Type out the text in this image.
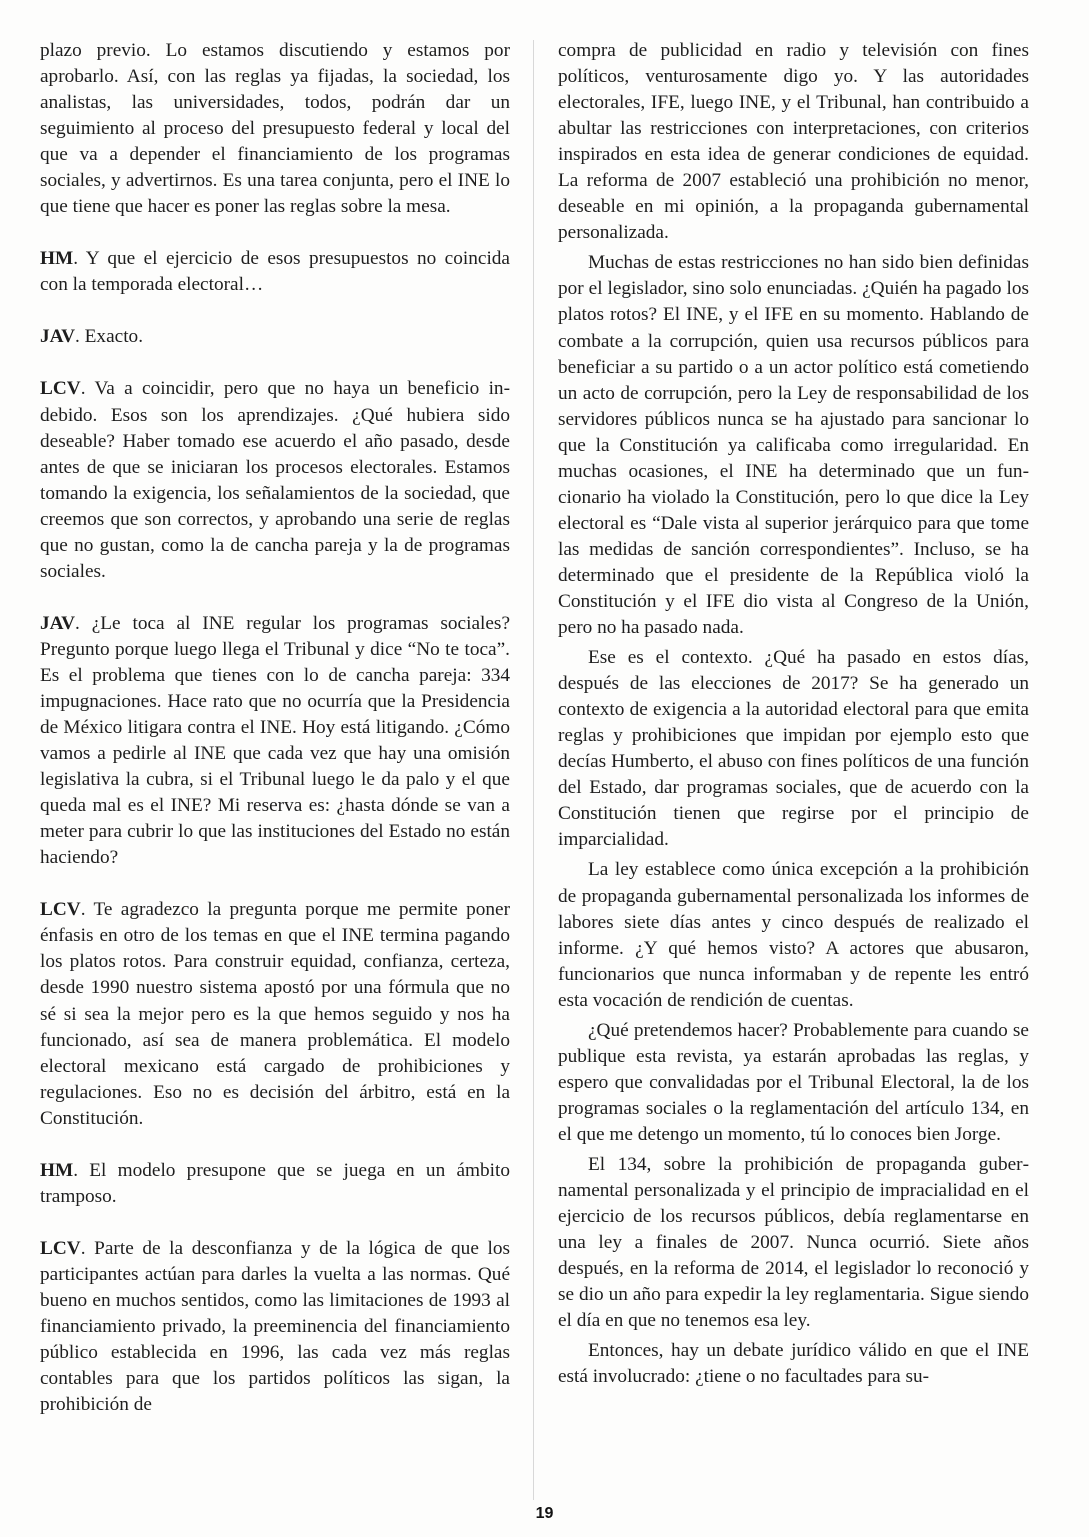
plazo previo. Lo estamos discutiendo y estamos por aprobarlo. Así, con las reglas ya fijadas, la sociedad, los analistas, las universidades, todos, podrán dar un seguimiento al proceso del presupuesto federal y local del que va a depender el financiamiento de los programas sociales, y advertirnos. Es una tarea conjunta, pero el INE lo que tiene que hacer es poner las reglas sobre la mesa.

HM. Y que el ejercicio de esos presupuestos no coincida con la temporada electoral…

JAV. Exacto.

LCV. Va a coincidir, pero que no haya un beneficio indebido. Esos son los aprendizajes. ¿Qué hubiera sido deseable? Haber tomado ese acuerdo el año pasado, desde antes de que se iniciaran los procesos electorales. Estamos tomando la exigencia, los señalamientos de la sociedad, que creemos que son correctos, y aprobando una serie de reglas que no gustan, como la de cancha pareja y la de programas sociales.

JAV. ¿Le toca al INE regular los programas sociales? Pregunto porque luego llega el Tribunal y dice “No te toca”. Es el problema que tienes con lo de cancha pareja: 334 impugnaciones. Hace rato que no ocurría que la Presidencia de México litigara contra el INE. Hoy está litigando. ¿Cómo vamos a pedirle al INE que cada vez que hay una omisión legislativa la cubra, si el Tribunal luego le da palo y el que queda mal es el INE? Mi reserva es: ¿hasta dónde se van a meter para cubrir lo que las instituciones del Estado no están haciendo?

LCV. Te agradezco la pregunta porque me permite poner énfasis en otro de los temas en que el INE termina pagando los platos rotos. Para construir equidad, confianza, certeza, desde 1990 nuestro sistema apostó por una fórmula que no sé si sea la mejor pero es la que hemos seguido y nos ha funcionado, así sea de manera problemática. El modelo electoral mexicano está cargado de prohibiciones y regulaciones. Eso no es decisión del árbitro, está en la Constitución.

HM. El modelo presupone que se juega en un ámbito tramposo.

LCV. Parte de la desconfianza y de la lógica de que los participantes actúan para darles la vuelta a las normas. Qué bueno en muchos sentidos, como las limitaciones de 1993 al financiamiento privado, la preeminencia del financiamiento público establecida en 1996, las cada vez más reglas contables para que los partidos políticos las sigan, la prohibición de

compra de publicidad en radio y televisión con fines políticos, venturosamente digo yo. Y las autoridades electorales, IFE, luego INE, y el Tribunal, han contribuido a abultar las restricciones con interpretaciones, con criterios inspirados en esta idea de generar condiciones de equidad. La reforma de 2007 estableció una prohibición no menor, deseable en mi opinión, a la propaganda gubernamental personalizada.

Muchas de estas restricciones no han sido bien definidas por el legislador, sino solo enunciadas. ¿Quién ha pagado los platos rotos? El INE, y el IFE en su momento. Hablando de combate a la corrupción, quien usa recursos públicos para beneficiar a su partido o a un actor político está cometiendo un acto de corrupción, pero la Ley de responsabilidad de los servidores públicos nunca se ha ajustado para sancionar lo que la Constitución ya calificaba como irregularidad. En muchas ocasiones, el INE ha determinado que un funcionario ha violado la Constitución, pero lo que dice la Ley electoral es “Dale vista al superior jerárquico para que tome las medidas de sanción correspondientes”. Incluso, se ha determinado que el presidente de la República violó la Constitución y el IFE dio vista al Congreso de la Unión, pero no ha pasado nada.

Ese es el contexto. ¿Qué ha pasado en estos días, después de las elecciones de 2017? Se ha generado un contexto de exigencia a la autoridad electoral para que emita reglas y prohibiciones que impidan por ejemplo esto que decías Humberto, el abuso con fines políticos de una función del Estado, dar programas sociales, que de acuerdo con la Constitución tienen que regirse por el principio de imparcialidad.

La ley establece como única excepción a la prohibición de propaganda gubernamental personalizada los informes de labores siete días antes y cinco después de realizado el informe. ¿Y qué hemos visto? A actores que abusaron, funcionarios que nunca informaban y de repente les entró esta vocación de rendición de cuentas.

¿Qué pretendemos hacer? Probablemente para cuando se publique esta revista, ya estarán aprobadas las reglas, y espero que convalidadas por el Tribunal Electoral, la de los programas sociales o la reglamentación del artículo 134, en el que me detengo un momento, tú lo conoces bien Jorge.

El 134, sobre la prohibición de propaganda gubernamental personalizada y el principio de impracialidad en el ejercicio de los recursos públicos, debía reglamentarse en una ley a finales de 2007. Nunca ocurrió. Siete años después, en la reforma de 2014, el legislador lo reconoció y se dio un año para expedir la ley reglamentaria. Sigue siendo el día en que no tenemos esa ley.

Entonces, hay un debate jurídico válido en que el INE está involucrado: ¿tiene o no facultades para su-

19
